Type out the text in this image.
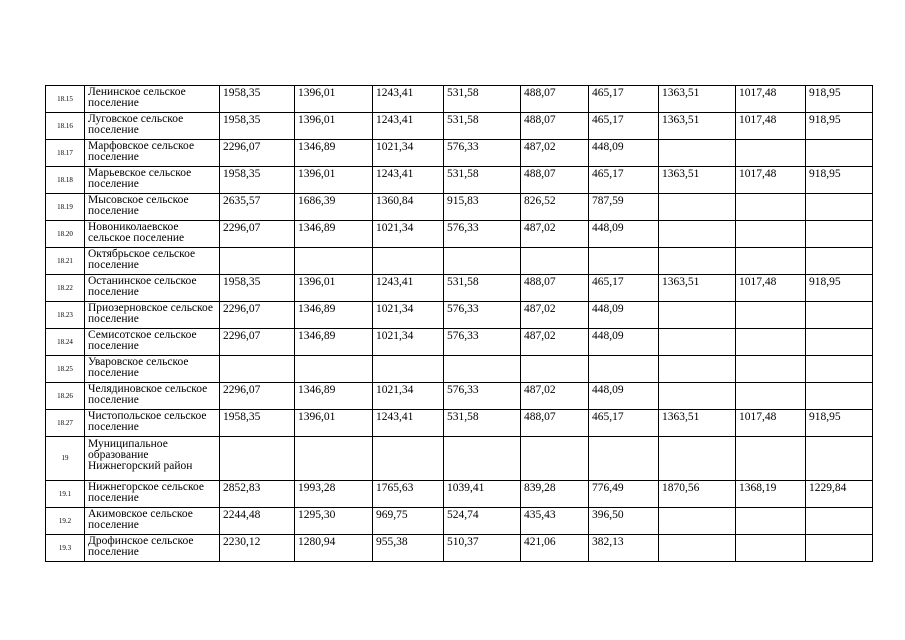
18.15	Ленинское сельское поселение	1958,35	1396,01	1243,41	531,58	488,07	465,17	1363,51	1017,48	918,95
18.16	Луговское сельское поселение	1958,35	1396,01	1243,41	531,58	488,07	465,17	1363,51	1017,48	918,95
18.17	Марфовское сельское поселение	2296,07	1346,89	1021,34	576,33	487,02	448,09			
18.18	Марьевское сельское поселение	1958,35	1396,01	1243,41	531,58	488,07	465,17	1363,51	1017,48	918,95
18.19	Мысовское сельское поселение	2635,57	1686,39	1360,84	915,83	826,52	787,59			
18.20	Новониколаевское сельское поселение	2296,07	1346,89	1021,34	576,33	487,02	448,09			
18.21	Октябрьское сельское поселение									
18.22	Останинское сельское поселение	1958,35	1396,01	1243,41	531,58	488,07	465,17	1363,51	1017,48	918,95
18.23	Приозерновское сельское поселение	2296,07	1346,89	1021,34	576,33	487,02	448,09			
18.24	Семисотское сельское поселение	2296,07	1346,89	1021,34	576,33	487,02	448,09			
18.25	Уваровское сельское поселение									
18.26	Челядиновское сельское поселение	2296,07	1346,89	1021,34	576,33	487,02	448,09			
18.27	Чистопольское сельское поселение	1958,35	1396,01	1243,41	531,58	488,07	465,17	1363,51	1017,48	918,95
19	Муниципальное образование Нижнегорский район									
19.1	Нижнегорское сельское поселение	2852,83	1993,28	1765,63	1039,41	839,28	776,49	1870,56	1368,19	1229,84
19.2	Акимовское сельское поселение	2244,48	1295,30	969,75	524,74	435,43	396,50			
19.3	Дрофинское сельское поселение	2230,12	1280,94	955,38	510,37	421,06	382,13			
